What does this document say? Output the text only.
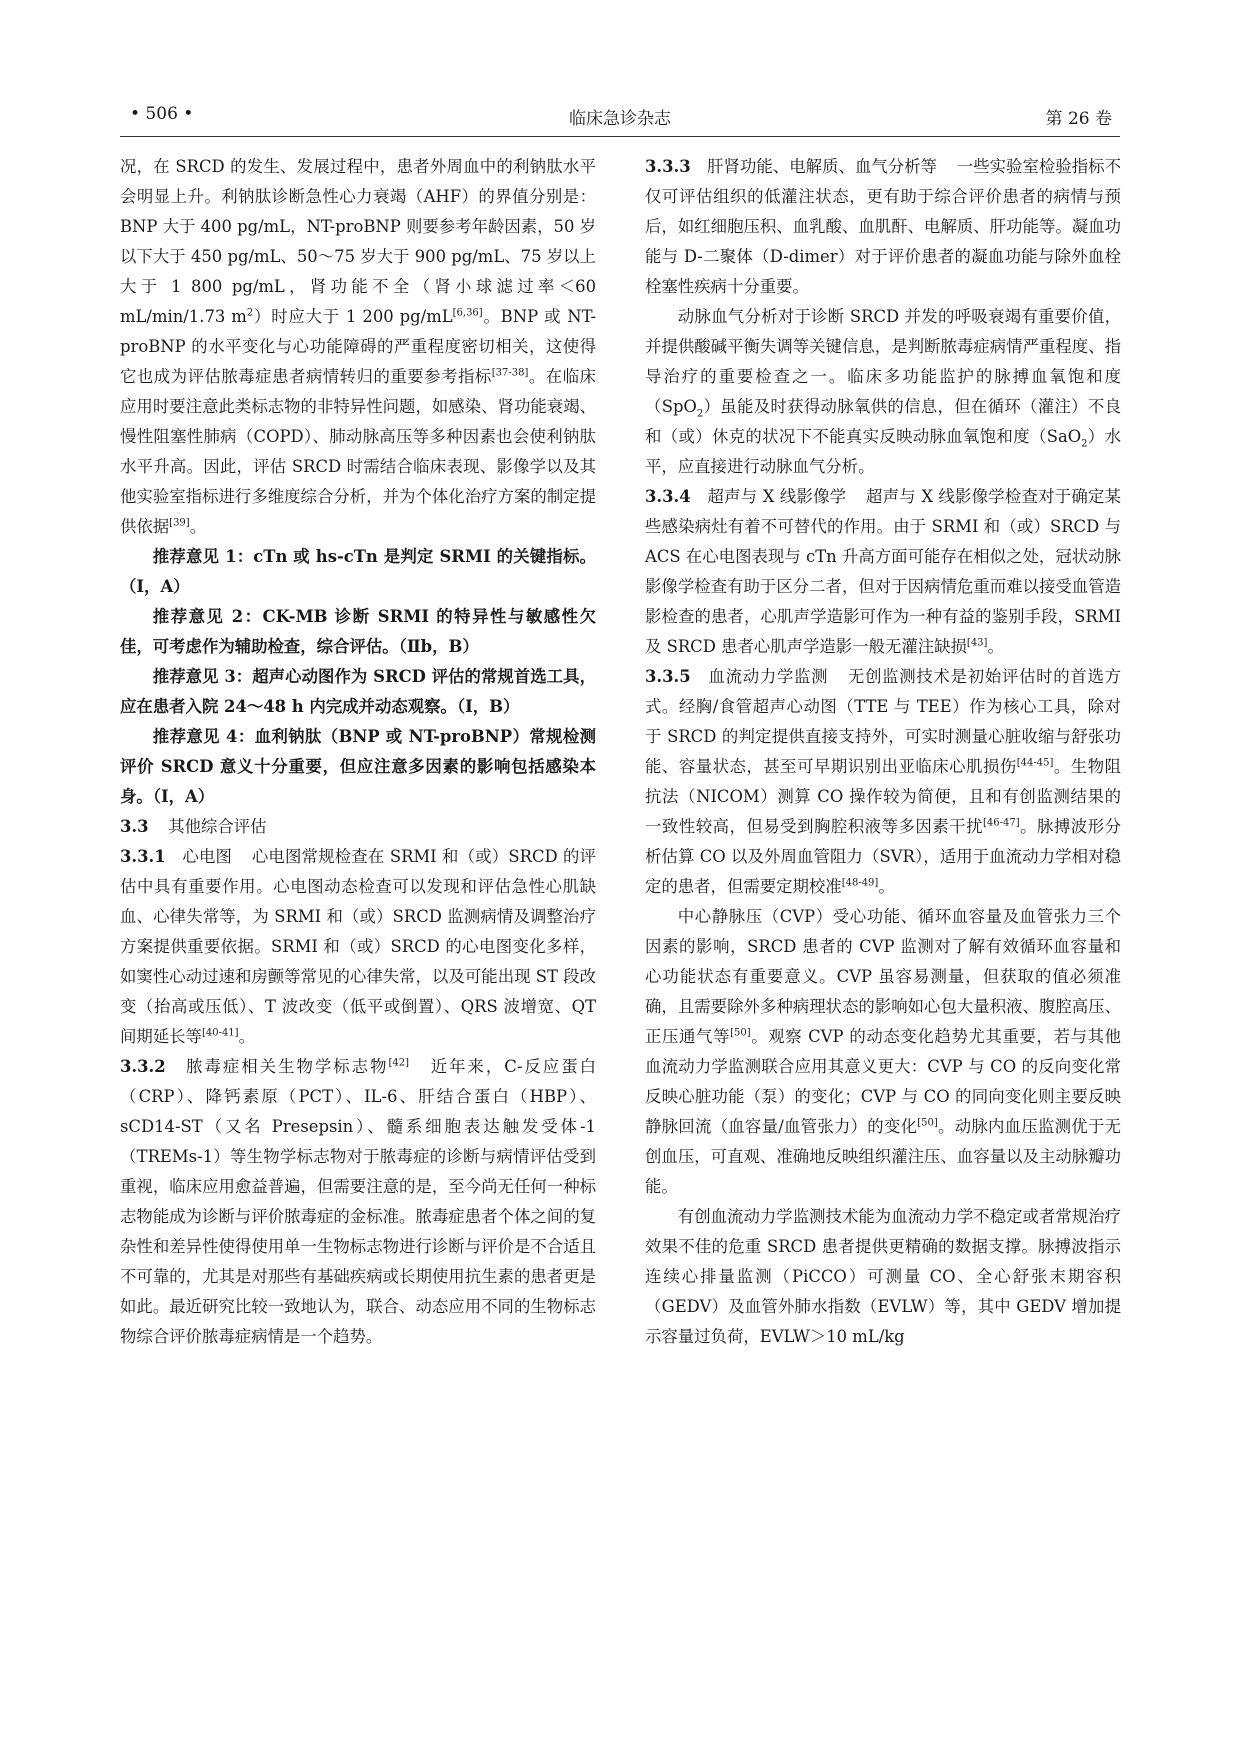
• 506 •	临床急诊杂志	第 26 卷

况，在 SRCD 的发生、发展过程中，患者外周血中的利钠肽水平会明显上升。利钠肽诊断急性心力衰竭（AHF）的界值分别是：BNP 大于 400 pg/mL，NT-proBNP 则要参考年龄因素，50 岁以下大于 450 pg/mL、50～75 岁大于 900 pg/mL、75 岁以上大于 1 800 pg/mL，肾功能不全（肾小球滤过率＜60 mL/min/1.73 $m^2$）时应大于 1 200 pg/mL[6,36]。BNP 或 NT-proBNP 的水平变化与心功能障碍的严重程度密切相关，这使得它也成为评估脓毒症患者病情转归的重要参考指标[37-38]。在临床应用时要注意此类标志物的非特异性问题，如感染、肾功能衰竭、慢性阻塞性肺病（COPD）、肺动脉高压等多种因素也会使利钠肽水平升高。因此，评估 SRCD 时需结合临床表现、影像学以及其他实验室指标进行多维度综合分析，并为个体化治疗方案的制定提供依据[39]。

推荐意见 1：cTn 或 hs-cTn 是判定 SRMI 的关键指标。（Ⅰ，A）

推荐意见 2：CK-MB 诊断 SRMI 的特异性与敏感性欠佳，可考虑作为辅助检查，综合评估。（Ⅱb，B）

推荐意见 3：超声心动图作为 SRCD 评估的常规首选工具，应在患者入院 24～48 h 内完成并动态观察。（Ⅰ，B）

推荐意见 4：血利钠肽（BNP 或 NT-proBNP）常规检测评价 SRCD 意义十分重要，但应注意多因素的影响包括感染本身。（Ⅰ，A）

3.3 其他综合评估

3.3.1　 心电图 心电图常规检查在 SRMI 和（或）SRCD 的评估中具有重要作用。心电图动态检查可以发现和评估急性心肌缺血、心律失常等，为 SRMI 和（或）SRCD 监测病情及调整治疗方案提供重要依据。SRMI 和（或）SRCD 的心电图变化多样，如窦性心动过速和房颤等常见的心律失常，以及可能出现 ST 段改变（抬高或压低）、T 波改变（低平或倒置）、QRS 波增宽、QT 间期延长等[40-41]。

3.3.2　 脓毒症相关生物学标志物[42] 近年来，C-反应蛋白（CRP）、降钙素原（PCT）、IL-6、肝结合蛋白（HBP）、sCD14-ST（又名 Presepsin）、髓系细胞表达触发受体-1（TREMs-1）等生物学标志物对于脓毒症的诊断与病情评估受到重视，临床应用愈益普遍，但需要注意的是，至今尚无任何一种标志物能成为诊断与评价脓毒症的金标准。脓毒症患者个体之间的复杂性和差异性使得使用单一生物标志物进行诊断与评价是不合适且不可靠的，尤其是对那些有基础疾病或长期使用抗生素的患者更是如此。最近研究比较一致地认为，联合、动态应用不同的生物标志物综合评价脓毒症病情是一个趋势。

3.3.3　 肝肾功能、电解质、血气分析等 一些实验室检验指标不仅可评估组织的低灌注状态，更有助于综合评价患者的病情与预后，如红细胞压积、血乳酸、血肌酐、电解质、肝功能等。凝血功能与 D-二聚体（D-dimer）对于评价患者的凝血功能与除外血栓栓塞性疾病十分重要。

动脉血气分析对于诊断 SRCD 并发的呼吸衰竭有重要价值，并提供酸碱平衡失调等关键信息，是判断脓毒症病情严重程度、指导治疗的重要检查之一。临床多功能监护的脉搏血氧饱和度（SpO$_2$）虽能及时获得动脉氧供的信息，但在循环（灌注）不良和（或）休克的状况下不能真实反映动脉血氧饱和度（SaO$_2$）水平，应直接进行动脉血气分析。

3.3.4　 超声与 X 线影像学 超声与 X 线影像学检查对于确定某些感染病灶有着不可替代的作用。由于 SRMI 和（或）SRCD 与 ACS 在心电图表现与 cTn 升高方面可能存在相似之处，冠状动脉影像学检查有助于区分二者，但对于因病情危重而难以接受血管造影检查的患者，心肌声学造影可作为一种有益的鉴别手段，SRMI 及 SRCD 患者心肌声学造影一般无灌注缺损[43]。

3.3.5　 血流动力学监测 无创监测技术是初始评估时的首选方式。经胸/食管超声心动图（TTE 与 TEE）作为核心工具，除对于 SRCD 的判定提供直接支持外，可实时测量心脏收缩与舒张功能、容量状态，甚至可早期识别出亚临床心肌损伤[44-45]。生物阻抗法（NICOM）测算 CO 操作较为简便，且和有创监测结果的一致性较高，但易受到胸腔积液等多因素干扰[46-47]。脉搏波形分析估算 CO 以及外周血管阻力（SVR），适用于血流动力学相对稳定的患者，但需要定期校准[48-49]。

中心静脉压（CVP）受心功能、循环血容量及血管张力三个因素的影响，SRCD 患者的 CVP 监测对了解有效循环血容量和心功能状态有重要意义。CVP 虽容易测量，但获取的值必须准确，且需要除外多种病理状态的影响如心包大量积液、腹腔高压、正压通气等[50]。观察 CVP 的动态变化趋势尤其重要，若与其他血流动力学监测联合应用其意义更大：CVP 与 CO 的反向变化常反映心脏功能（泵）的变化；CVP 与 CO 的同向变化则主要反映静脉回流（血容量/血管张力）的变化[50]。动脉内血压监测优于无创血压，可直观、准确地反映组织灌注压、血容量以及主动脉瓣功能。

有创血流动力学监测技术能为血流动力学不稳定或者常规治疗效果不佳的危重 SRCD 患者提供更精确的数据支撑。脉搏波指示连续心排量监测（PiCCO）可测量 CO、全心舒张末期容积（GEDV）及血管外肺水指数（EVLW）等，其中 GEDV 增加提示容量过负荷，EVLW＞10 mL/kg
